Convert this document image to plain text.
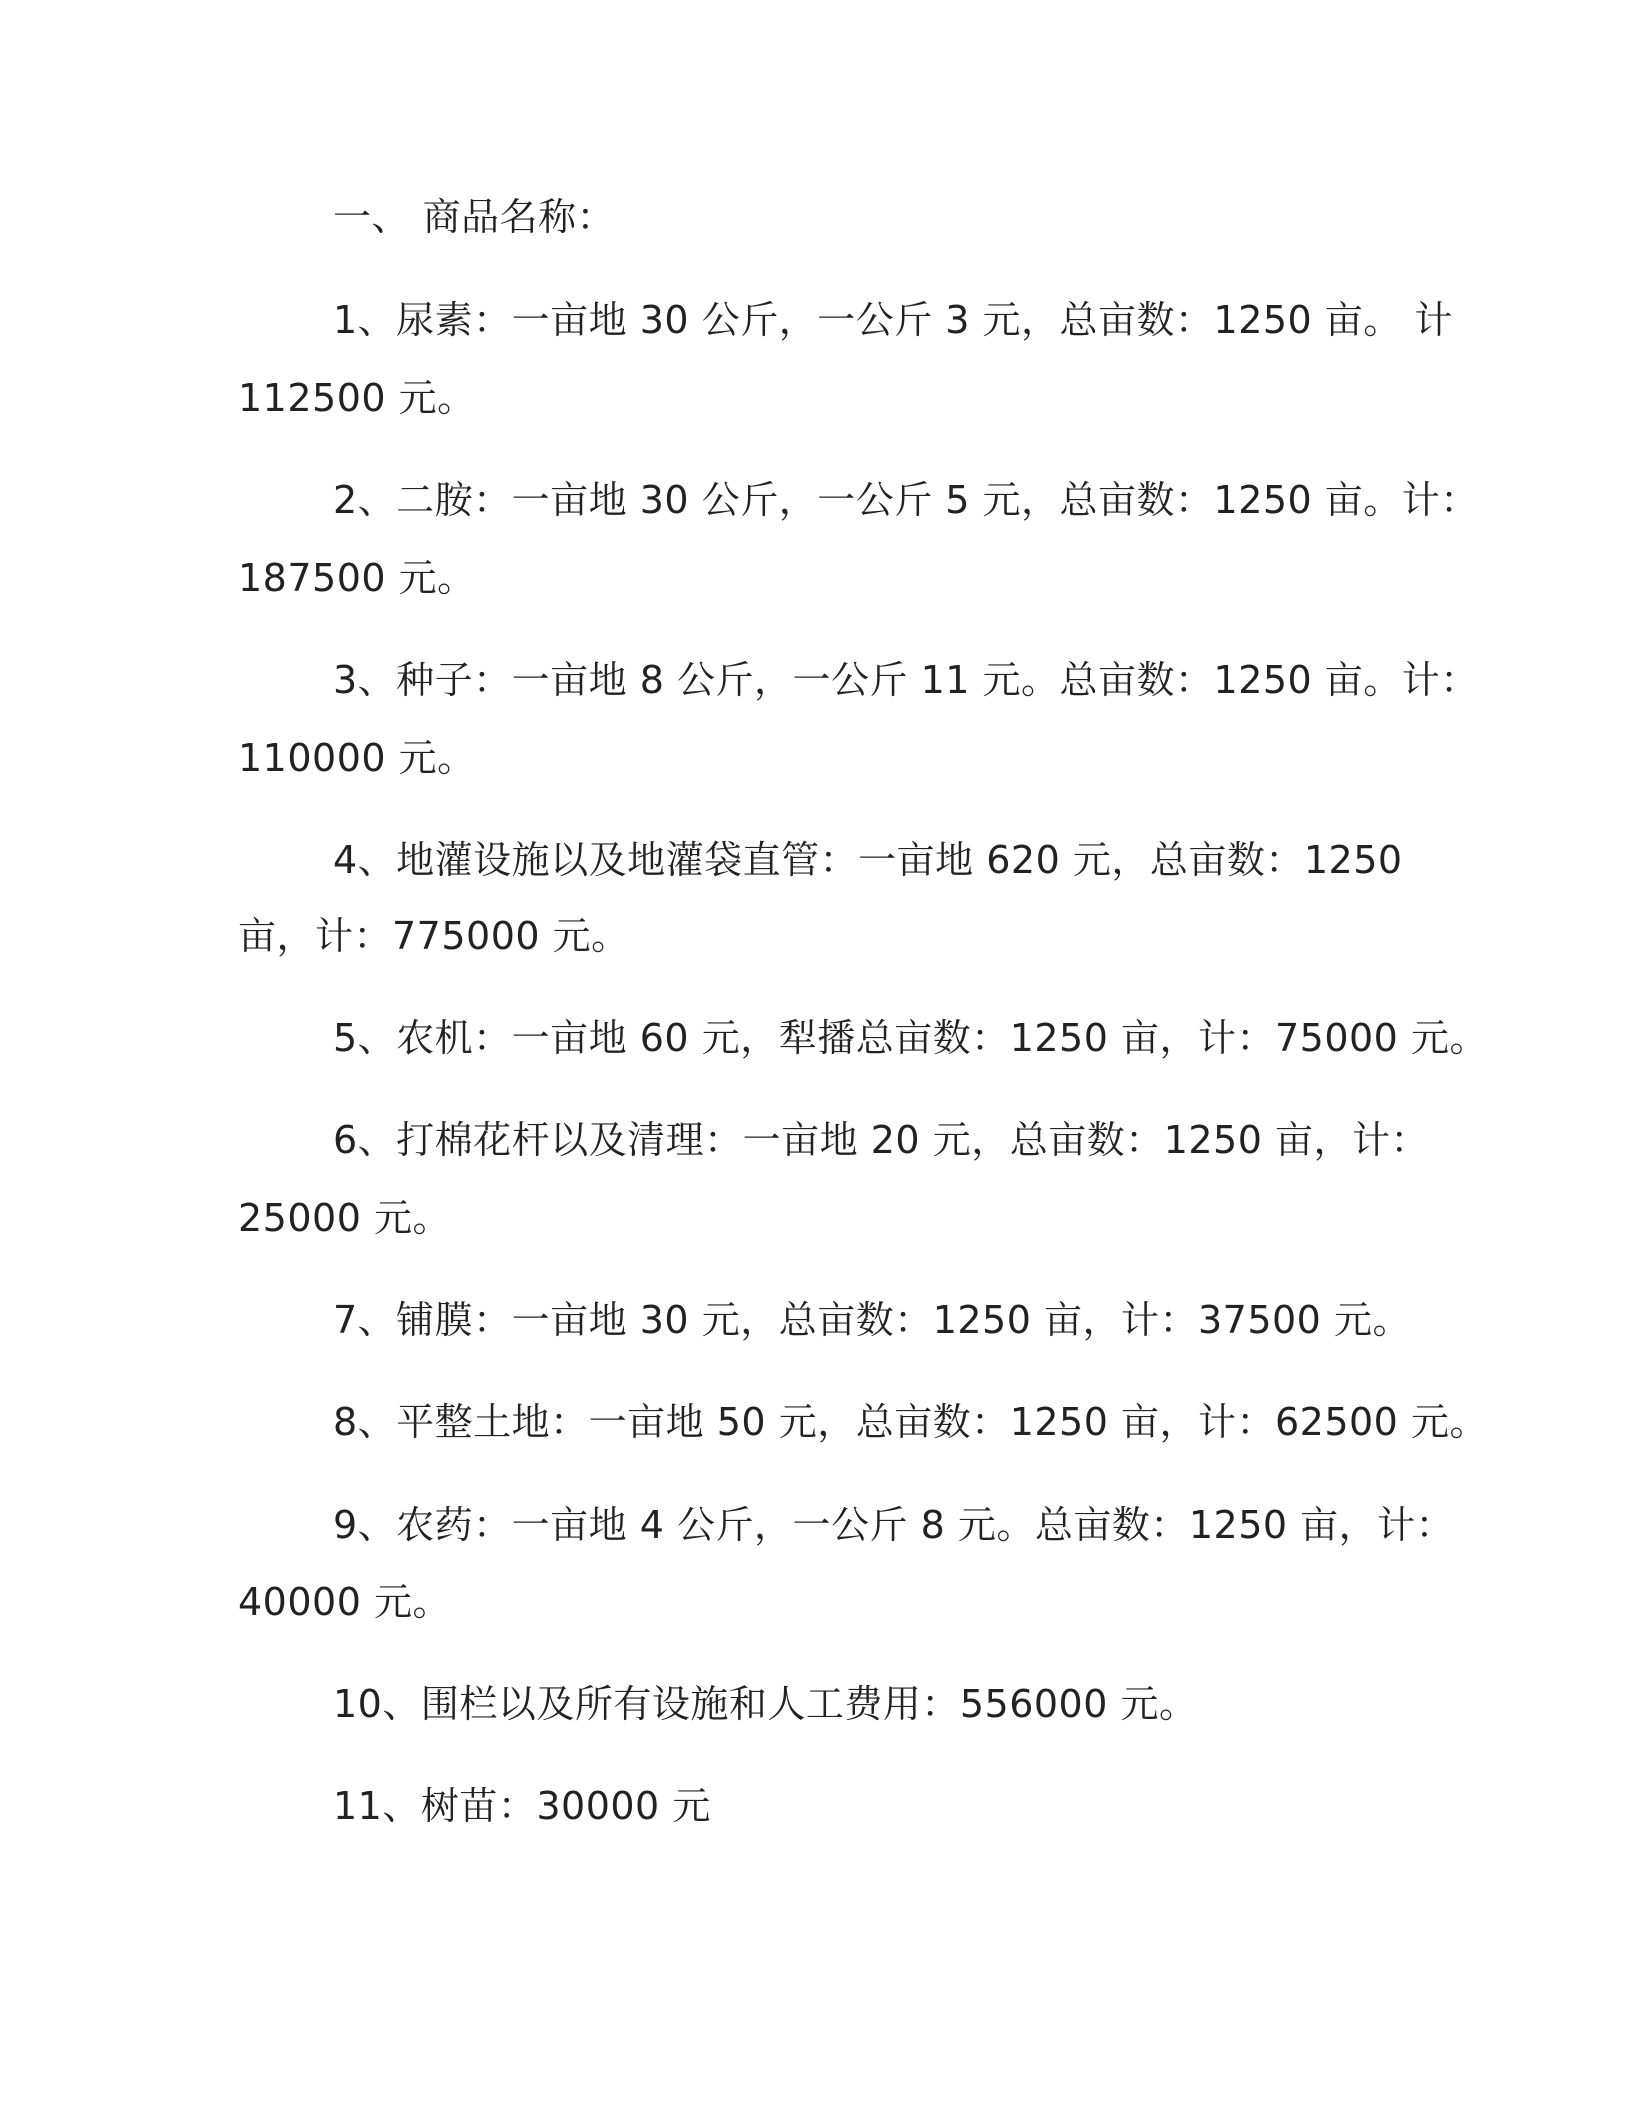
一、 商品名称：
1、尿素：一亩地 30 公斤，一公斤 3 元，总亩数：1250 亩。 计
112500 元。
2、二胺：一亩地 30 公斤，一公斤 5 元，总亩数：1250 亩。计：
187500 元。
3、种子：一亩地 8 公斤，一公斤 11 元。总亩数：1250 亩。计：
110000 元。
4、地灌设施以及地灌袋直管：一亩地 620 元，总亩数：1250
亩，计：775000 元。
5、农机：一亩地 60 元，犁播总亩数：1250 亩，计：75000 元。
6、打棉花杆以及清理：一亩地 20 元，总亩数：1250 亩，计：
25000 元。
7、铺膜：一亩地 30 元，总亩数：1250 亩，计：37500 元。
8、平整土地：一亩地 50 元，总亩数：1250 亩，计：62500 元。
9、农药：一亩地 4 公斤，一公斤 8 元。总亩数：1250 亩，计：
40000 元。
10、围栏以及所有设施和人工费用：556000 元。
11、树苗：30000 元
